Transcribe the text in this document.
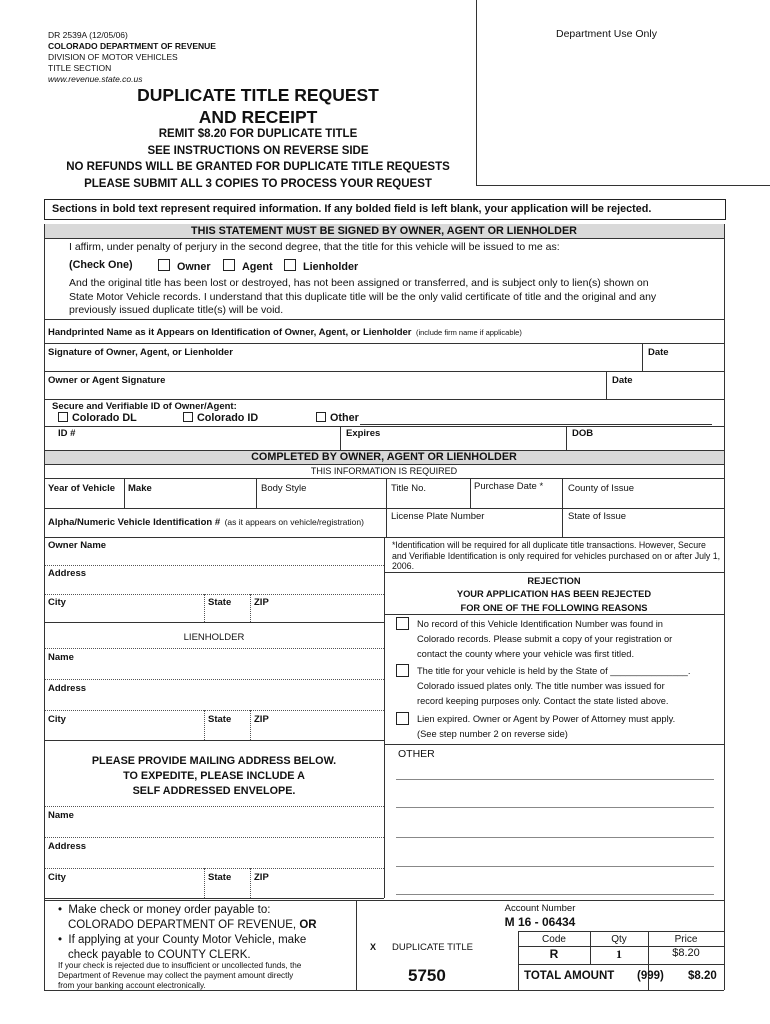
DR 2539A (12/05/06)
COLORADO DEPARTMENT OF REVENUE
DIVISION OF MOTOR VEHICLES
TITLE SECTION
www.revenue.state.co.us
Department Use Only
DUPLICATE TITLE REQUEST
AND RECEIPT
REMIT $8.20 FOR DUPLICATE TITLE
SEE INSTRUCTIONS ON REVERSE SIDE
NO REFUNDS WILL BE GRANTED FOR DUPLICATE TITLE REQUESTS
PLEASE SUBMIT ALL 3 COPIES TO PROCESS YOUR REQUEST
Sections in bold text represent required information. If any bolded field is left blank, your application will be rejected.
THIS STATEMENT MUST BE SIGNED BY OWNER, AGENT OR LIENHOLDER
I affirm, under penalty of perjury in the second degree, that the title for this vehicle will be issued to me as:
(Check One)	Owner	Agent	Lienholder
And the original title has been lost or destroyed, has not been assigned or transferred, and is subject only to lien(s) shown on
State Motor Vehicle records. I understand that this duplicate title will be the only valid certificate of title and the original and any
previously issued duplicate title(s) will be void.
Handprinted Name as it Appears on Identification of Owner, Agent, or Lienholder (include firm name if applicable)
Signature of Owner, Agent, or Lienholder	Date
Owner or Agent Signature	Date
Secure and Verifiable ID of Owner/Agent:
Colorado DL	Colorado ID	Other
ID #	Expires	DOB
COMPLETED BY OWNER, AGENT OR LIENHOLDER
THIS INFORMATION IS REQUIRED
Year of Vehicle Make	Body Style	Title No.	Purchase Date *	County of Issue
Alpha/Numeric Vehicle Identification # (as it appears on vehicle/registration)	License Plate Number	State of Issue
Owner Name
Address
City	State ZIP
LIENHOLDER
Name
Address
City	State ZIP
PLEASE PROVIDE MAILING ADDRESS BELOW.
TO EXPEDITE, PLEASE INCLUDE A
SELF ADDRESSED ENVELOPE.
Name
Address
City	State ZIP
*Identification will be required for all duplicate title transactions. However, Secure and Verifiable Identification is only required for vehicles purchased on or after July 1, 2006.
REJECTION
YOUR APPLICATION HAS BEEN REJECTED
FOR ONE OF THE FOLLOWING REASONS
No record of this Vehicle Identification Number was found in
Colorado records. Please submit a copy of your registration or
contact the county where your vehicle was first titled.
The title for your vehicle is held by the State of _______________.
Colorado issued plates only. The title number was issued for
record keeping purposes only. Contact the state listed above.
Lien expired. Owner or Agent by Power of Attorney must apply.
(See step number 2 on reverse side)
OTHER
•  Make check or money order payable to:
COLORADO DEPARTMENT OF REVENUE, OR
•  If applying at your County Motor Vehicle, make
check payable to COUNTY CLERK.
If your check is rejected due to insufficient or uncollected funds, the
Department of Revenue may collect the payment amount directly
from your banking account electronically.
Account Number
M 16 - 06434
X DUPLICATE TITLE
Code	Qty	Price
R	1	$8.20
5750	TOTAL AMOUNT (999) $8.20
